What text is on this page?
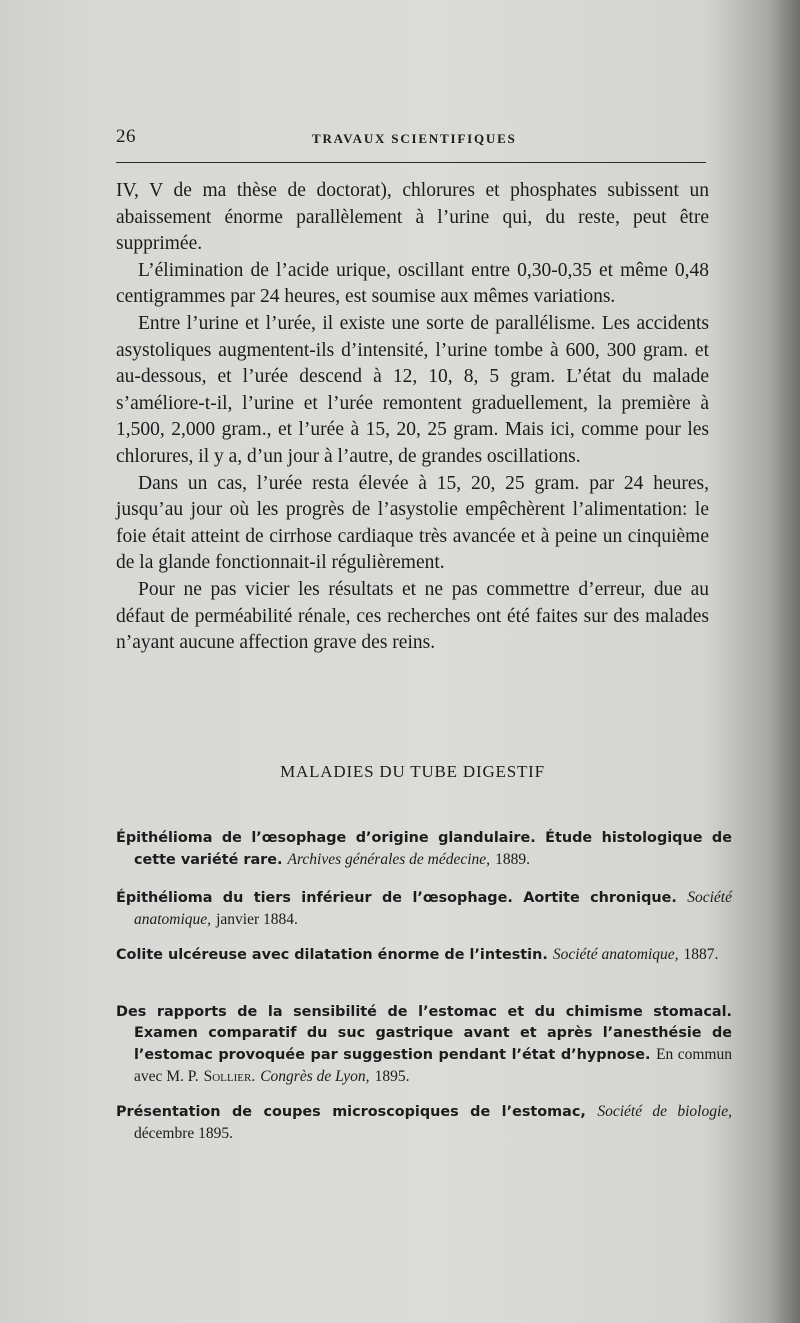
26	TRAVAUX SCIENTIFIQUES

IV, V de ma thèse de doctorat), chlorures et phosphates subissent un abaissement énorme parallèlement à l’urine qui, du reste, peut être supprimée.

L’élimination de l’acide urique, oscillant entre 0,30-0,35 et même 0,48 centigrammes par 24 heures, est soumise aux mêmes variations.

Entre l’urine et l’urée, il existe une sorte de parallélisme. Les accidents asystoliques augmentent-ils d’intensité, l’urine tombe à 600, 300 gram. et au-dessous, et l’urée descend à 12, 10, 8, 5 gram. L’état du malade s’améliore-t-il, l’urine et l’urée remontent graduellement, la première à 1,500, 2,000 gram., et l’urée à 15, 20, 25 gram. Mais ici, comme pour les chlorures, il y a, d’un jour à l’autre, de grandes oscillations.

Dans un cas, l’urée resta élevée à 15, 20, 25 gram. par 24 heures, jusqu’au jour où les progrès de l’asystolie empêchèrent l’alimentation: le foie était atteint de cirrhose cardiaque très avancée et à peine un cinquième de la glande fonctionnait-il régulièrement.

Pour ne pas vicier les résultats et ne pas commettre d’erreur, due au défaut de perméabilité rénale, ces recherches ont été faites sur des malades n’ayant aucune affection grave des reins.

MALADIES DU TUBE DIGESTIF
Épithélioma de l’œsophage d’origine glandulaire. Étude histologique de cette variété rare. Archives générales de médecine, 1889.
Épithélioma du tiers inférieur de l’œsophage. Aortite chronique. Société anatomique, janvier 1884.
Colite ulcéreuse avec dilatation énorme de l’intestin. Société anatomique, 1887.
Des rapports de la sensibilité de l’estomac et du chimisme stomacal. Examen comparatif du suc gastrique avant et après l’anesthésie de l’estomac provoquée par suggestion pendant l’état d’hypnose. En commun avec M. P. Sollier. Congrès de Lyon, 1895.
Présentation de coupes microscopiques de l’estomac, Société de biologie, décembre 1895.
